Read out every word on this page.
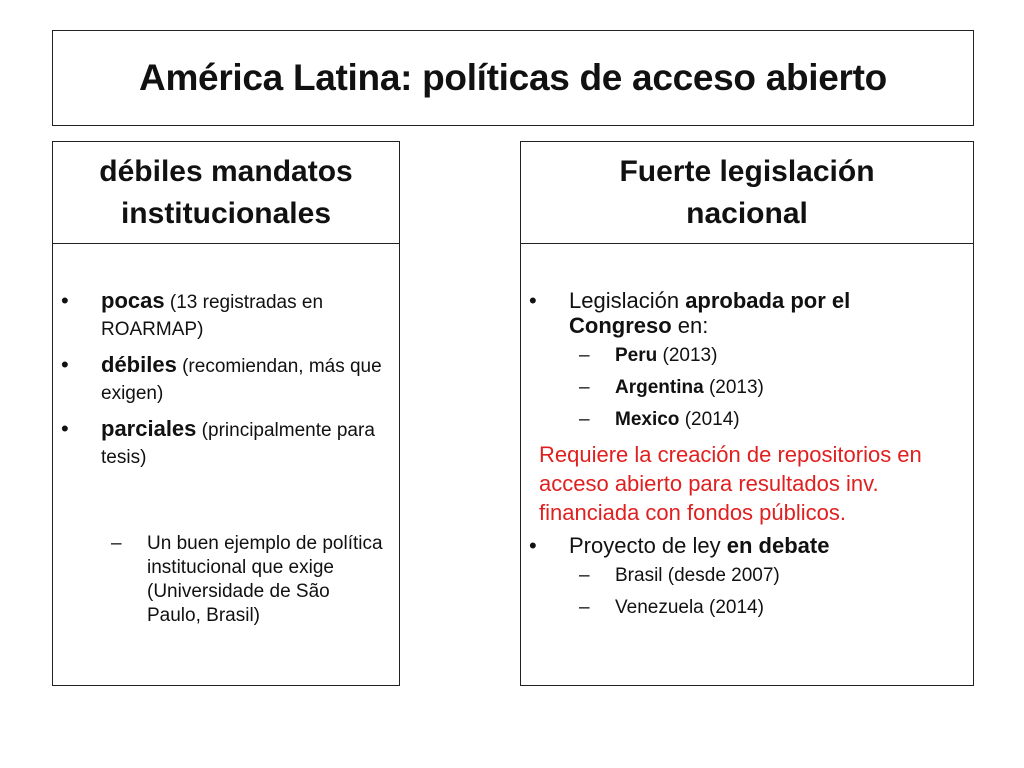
América Latina: políticas de acceso abierto
débiles mandatos
institucionales
• pocas (13 registradas en ROARMAP)
• débiles (recomiendan, más que exigen)
• parciales (principalmente para tesis)
– Un buen ejemplo de política institucional que exige (Universidade de São Paulo, Brasil)
Fuerte legislación
nacional
• Legislación aprobada por el Congreso en:
– Peru (2013)
– Argentina (2013)
– Mexico (2014)

Requiere la creación de repositorios en acceso abierto para resultados inv. financiada con fondos públicos.

• Proyecto de ley en debate
– Brasil (desde 2007)
– Venezuela (2014)
